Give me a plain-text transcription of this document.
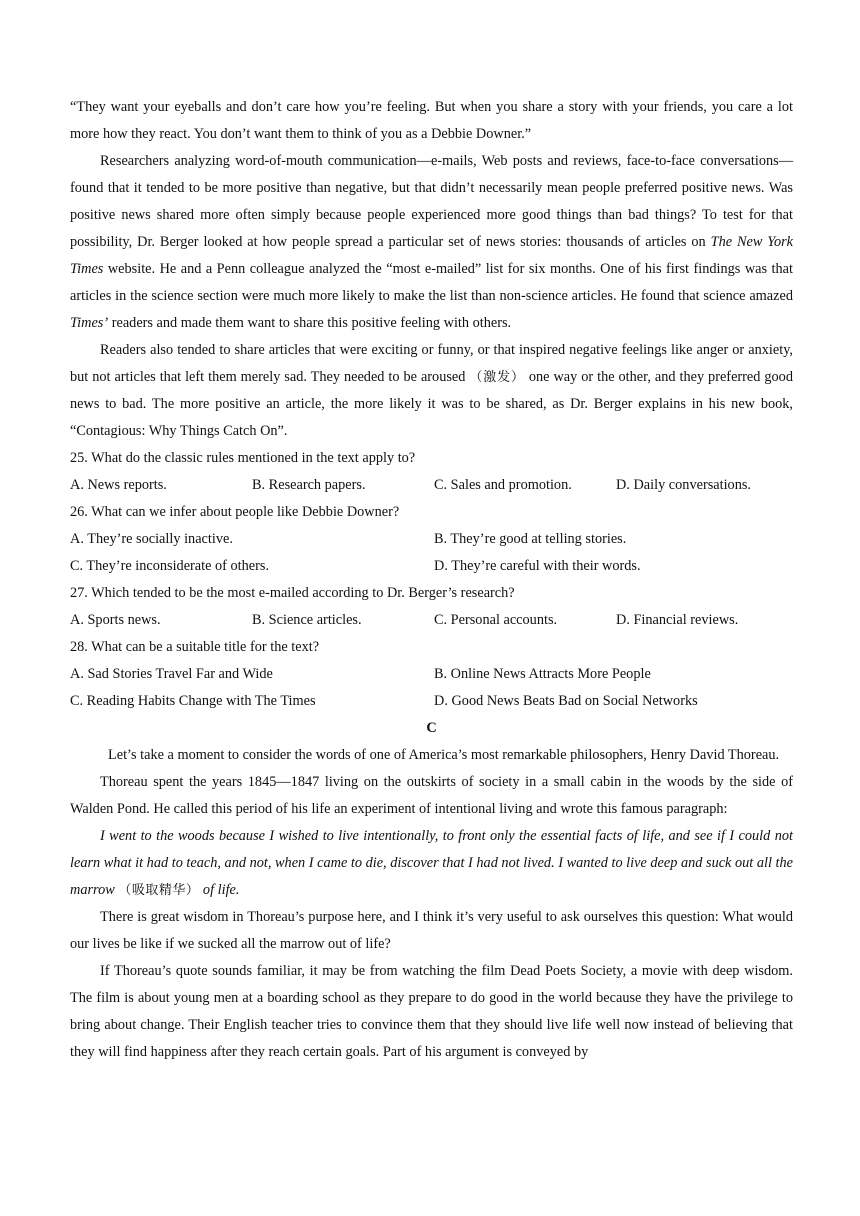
“They want your eyeballs and don’t care how you’re feeling. But when you share a story with your friends, you care a lot more how they react. You don’t want them to think of you as a Debbie Downer.”

Researchers analyzing word-of-mouth communication—e-mails, Web posts and reviews, face-to-face conversations—found that it tended to be more positive than negative, but that didn’t necessarily mean people preferred positive news. Was positive news shared more often simply because people experienced more good things than bad things? To test for that possibility, Dr. Berger looked at how people spread a particular set of news stories: thousands of articles on The New York Times website. He and a Penn colleague analyzed the “most e-mailed” list for six months. One of his first findings was that articles in the science section were much more likely to make the list than non-science articles. He found that science amazed Times’ readers and made them want to share this positive feeling with others.

Readers also tended to share articles that were exciting or funny, or that inspired negative feelings like anger or anxiety, but not articles that left them merely sad. They needed to be aroused （激发） one way or the other, and they preferred good news to bad. The more positive an article, the more likely it was to be shared, as Dr. Berger explains in his new book, “Contagious: Why Things Catch On”.

25. What do the classic rules mentioned in the text apply to?
A. News reports.	B. Research papers.	C. Sales and promotion.	D. Daily conversations.
26. What can we infer about people like Debbie Downer?
A. They’re socially inactive.	B. They’re good at telling stories.
C. They’re inconsiderate of others.	D. They’re careful with their words.
27. Which tended to be the most e-mailed according to Dr. Berger’s research?
A. Sports news.	B. Science articles.	C. Personal accounts.	D. Financial reviews.
28. What can be a suitable title for the text?
A. Sad Stories Travel Far and Wide	B. Online News Attracts More People
C. Reading Habits Change with The Times	D. Good News Beats Bad on Social Networks
C

Let’s take a moment to consider the words of one of America’s most remarkable philosophers, Henry David Thoreau.

Thoreau spent the years 1845—1847 living on the outskirts of society in a small cabin in the woods by the side of Walden Pond. He called this period of his life an experiment of intentional living and wrote this famous paragraph:

I went to the woods because I wished to live intentionally, to front only the essential facts of life, and see if I could not learn what it had to teach, and not, when I came to die, discover that I had not lived. I wanted to live deep and suck out all the marrow （吸取精华） of life.

There is great wisdom in Thoreau’s purpose here, and I think it’s very useful to ask ourselves this question: What would our lives be like if we sucked all the marrow out of life?

If Thoreau’s quote sounds familiar, it may be from watching the film Dead Poets Society, a movie with deep wisdom. The film is about young men at a boarding school as they prepare to do good in the world because they have the privilege to bring about change. Their English teacher tries to convince them that they should live life well now instead of believing that they will find happiness after they reach certain goals. Part of his argument is conveyed by
